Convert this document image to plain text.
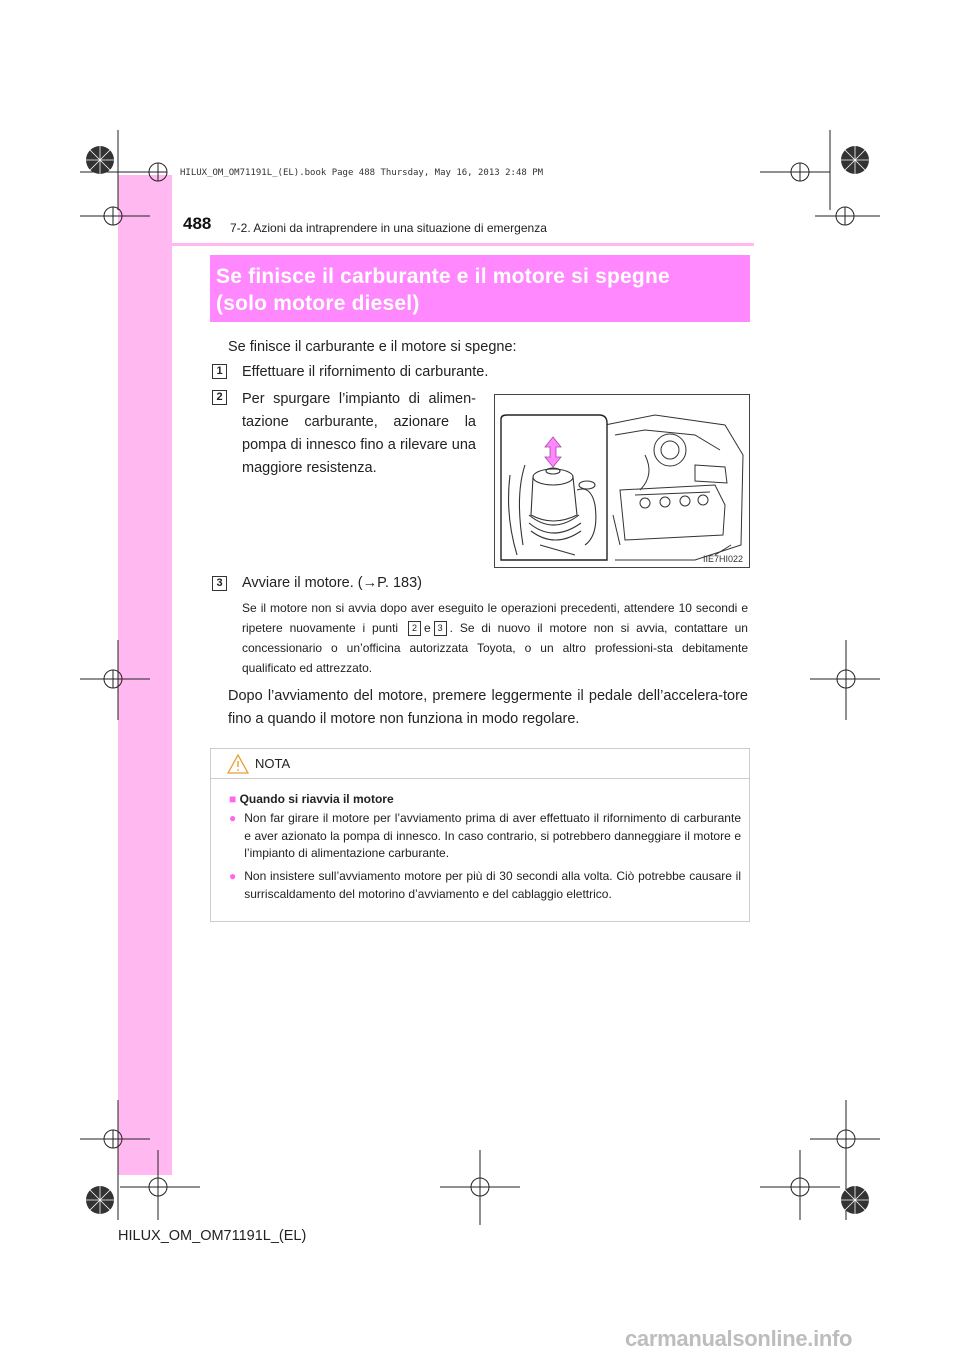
HILUX_OM_OM71191L_(EL).book Page 488 Thursday, May 16, 2013 2:48 PM
488 7-2. Azioni da intraprendere in una situazione di emergenza

Se finisce il carburante e il motore si spegne

(solo motore diesel)

Se finisce il carburante e il motore si spegne:
1	Effettuare il rifornimento di carburante.
2	Per spurgare l’impianto di alimen-tazione carburante, azionare la pompa di innesco fino a rilevare una maggiore resistenza.
IIE7HI022
3	Avviare il motore. (→P. 183)
Se il motore non si avvia dopo aver eseguito le operazioni precedenti, attendere 10 secondi e ripetere nuovamente i punti 2 e 3 . Se di nuovo il motore non si avvia, contattare un concessionario o un’officina autorizzata Toyota, o un altro professioni-sta debitamente qualificato ed attrezzato.
Dopo l’avviamento del motore, premere leggermente il pedale dell’accelera-tore fino a quando il motore non funziona in modo regolare.
NOTA
■ Quando si riavvia il motore
● Non far girare il motore per l’avviamento prima di aver effettuato il rifornimento di carburante e aver azionato la pompa di innesco. In caso contrario, si potrebbero danneggiare il motore e l’impianto di alimentazione carburante.
● Non insistere sull’avviamento motore per più di 30 secondi alla volta. Ciò potrebbe causare il surriscaldamento del motorino d’avviamento e del cablaggio elettrico.
HILUX_OM_OM71191L_(EL)
carmanualsonline.info
